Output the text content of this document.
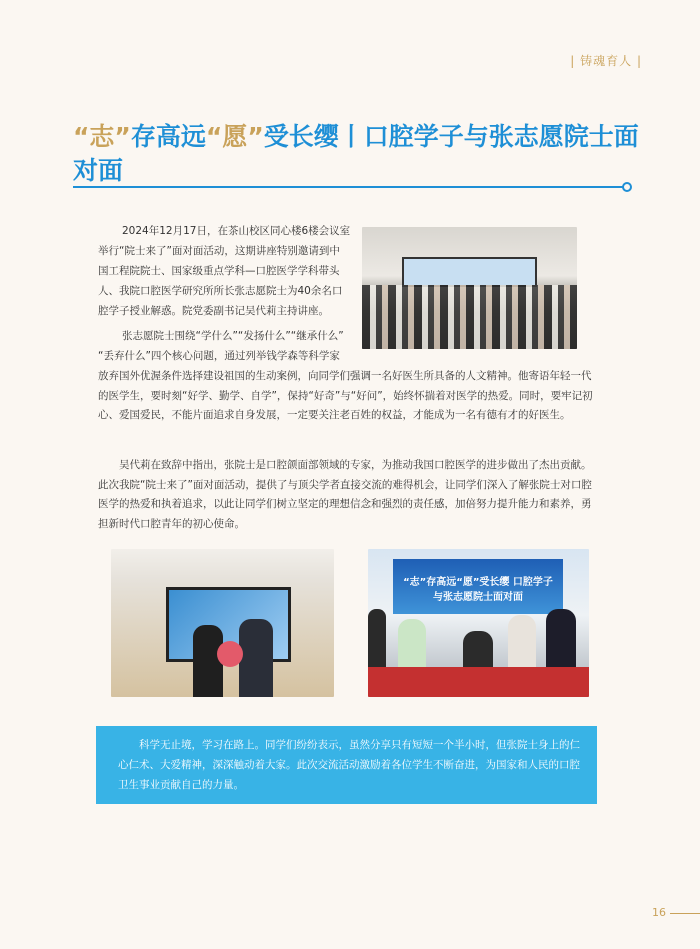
| 铸魂育人 |
“志”存高远“愿”受长缨丨口腔学子与张志愿院士面对面
2024年12月17日，在茶山校区同心楼6楼会议室
举行“院士来了”面对面活动，这期讲座特别邀请到中
国工程院院士、国家级重点学科—口腔医学学科带头
人、我院口腔医学研究所所长张志愿院士为40余名口
腔学子授业解惑。院党委副书记吴代莉主持讲座。
张志愿院士围绕“学什么”“发扬什么”“继承什么”
“丢弃什么”四个核心问题，通过列举钱学森等科学家
放弃国外优渥条件选择建设祖国的生动案例，向同学们强调一名好医生所具备的人文精神。他寄语年轻一代的医学生，要时刻“好学、勤学、自学”，保持“好奇”与“好问”，始终怀揣着对医学的热爱。同时，要牢记初心、爱国爱民，不能片面追求自身发展，一定要关注老百姓的权益，才能成为一名有德有才的好医生。
吴代莉在致辞中指出，张院士是口腔颌面部领域的专家，为推动我国口腔医学的进步做出了杰出贡献。此次我院“院士来了”面对面活动，提供了与顶尖学者直接交流的难得机会，让同学们深入了解张院士对口腔医学的热爱和执着追求，以此让同学们树立坚定的理想信念和强烈的责任感，加倍努力提升能力和素养，勇担新时代口腔青年的初心使命。
“志”存高远“愿”受长缨 口腔学子与张志愿院士面对面

科学无止境，学习在路上。同学们纷纷表示，虽然分享只有短短一个半小时，但张院士身上的仁心仁术、大爱精神，深深触动着大家。此次交流活动激励着各位学生不断奋进，为国家和人民的口腔卫生事业贡献自己的力量。

16
